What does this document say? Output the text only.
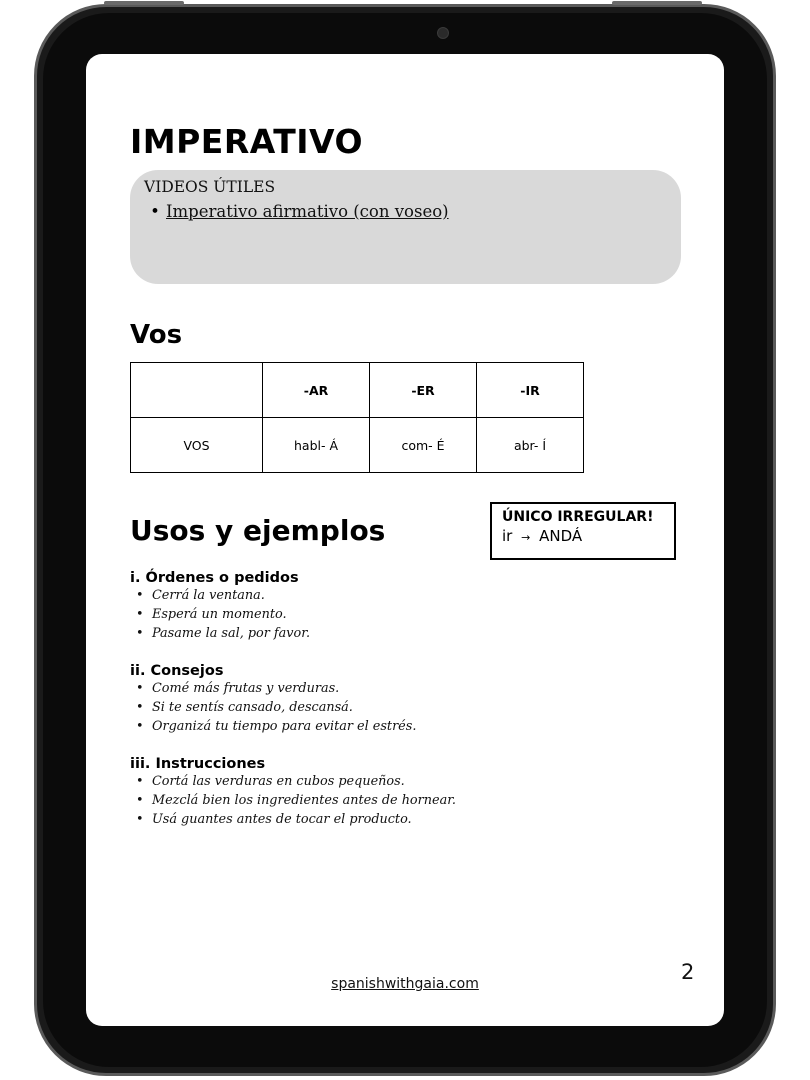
IMPERATIVO
VIDEOS ÚTILES
• Imperativo afirmativo (con voseo)
Vos
	-AR	-ER	-IR
VOS	habl- Á	com- É	abr- Í
ÚNICO IRREGULAR!
ir → ANDÁ
Usos y ejemplos

i. Órdenes o pedidos

• Cerrá la ventana.
• Esperá un momento.
• Pasame la sal, por favor.

ii. Consejos

• Comé más frutas y verduras.
• Si te sentís cansado, descansá.
• Organizá tu tiempo para evitar el estrés.

iii. Instrucciones

• Cortá las verduras en cubos pequeños.
• Mezclá bien los ingredientes antes de hornear.
• Usá guantes antes de tocar el producto.
spanishwithgaia.com	2
